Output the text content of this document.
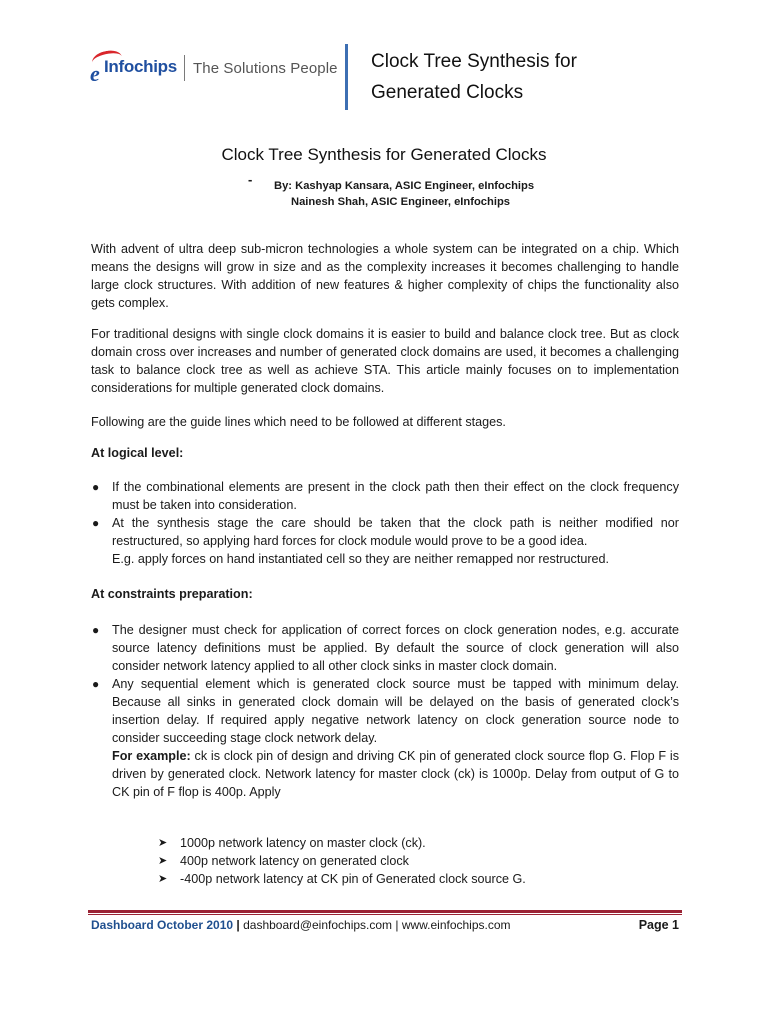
e Infochips The Solutions People Clock Tree Synthesis for
Generated Clocks
Clock Tree Synthesis for Generated Clocks
- By: Kashyap Kansara, ASIC Engineer, eInfochips
Nainesh Shah, ASIC Engineer, eInfochips

With advent of ultra deep sub-micron technologies a whole system can be integrated on a chip. Which means the designs will grow in size and as the complexity increases it becomes challenging to handle large clock structures. With addition of new features & higher complexity of chips the functionality also gets complex.

For traditional designs with single clock domains it is easier to build and balance clock tree. But as clock domain cross over increases and number of generated clock domains are used, it becomes a challenging task to balance clock tree as well as achieve STA. This article mainly focuses on to implementation considerations for multiple generated clock domains.

Following are the guide lines which need to be followed at different stages.

At logical level:
● If the combinational elements are present in the clock path then their effect on the clock frequency must be taken into consideration.
● At the synthesis stage the care should be taken that the clock path is neither modified nor restructured, so applying hard forces for clock module would prove to be a good idea.
E.g. apply forces on hand instantiated cell so they are neither remapped nor restructured.
At constraints preparation:
● The designer must check for application of correct forces on clock generation nodes, e.g. accurate source latency definitions must be applied. By default the source of clock generation will also consider network latency applied to all other clock sinks in master clock domain.
● Any sequential element which is generated clock source must be tapped with minimum delay. Because all sinks in generated clock domain will be delayed on the basis of generated clock’s insertion delay. If required apply negative network latency on clock generation source node to consider succeeding stage clock network delay.
For example: ck is clock pin of design and driving CK pin of generated clock source flop G. Flop F is driven by generated clock. Network latency for master clock (ck) is 1000p. Delay from output of G to CK pin of F flop is 400p. Apply
➤ 1000p network latency on master clock (ck).
➤ 400p network latency on generated clock
➤ -400p network latency at CK pin of Generated clock source G.
Dashboard October 2010 | dashboard@einfochips.com | www.einfochips.com	Page 1
